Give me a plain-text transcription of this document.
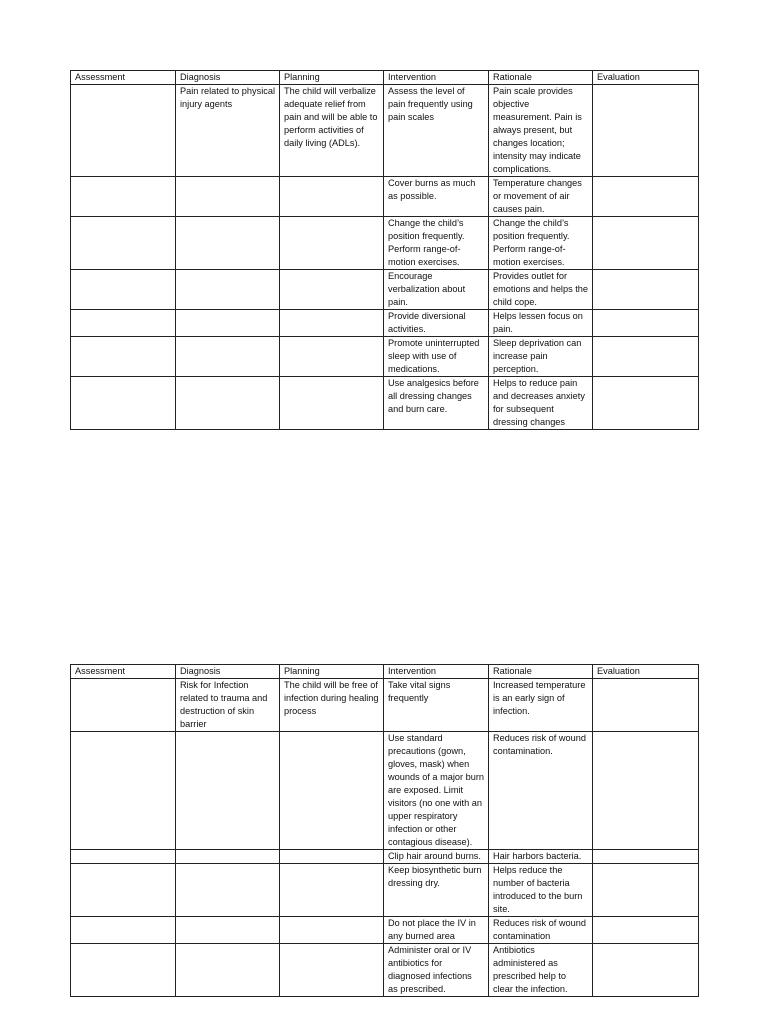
Assessment	Diagnosis	Planning	Intervention	Rationale	Evaluation
	Pain related to physical injury agents	The child will verbalize adequate relief from pain and will be able to perform activities of daily living (ADLs).	Assess the level of pain frequently using pain scales	Pain scale provides objective measurement. Pain is always present, but changes location; intensity may indicate complications.	
			Cover burns as much as possible.	Temperature changes or movement of air causes pain.	
			Change the child’s position frequently. Perform range-of-motion exercises.	Change the child’s position frequently. Perform range-of-motion exercises.	
			Encourage verbalization about pain.	Provides outlet for emotions and helps the child cope.	
			Provide diversional activities.	Helps lessen focus on pain.	
			Promote uninterrupted sleep with use of medications.	Sleep deprivation can increase pain perception.	
			Use analgesics before all dressing changes and burn care.	Helps to reduce pain and decreases anxiety for subsequent dressing changes	
Assessment	Diagnosis	Planning	Intervention	Rationale	Evaluation
	Risk for Infection related to trauma and destruction of skin barrier	The child will be free of infection during healing process	Take vital signs frequently	Increased temperature is an early sign of infection.	
			Use standard precautions (gown, gloves, mask) when wounds of a major burn are exposed. Limit visitors (no one with an upper respiratory infection or other contagious disease).	Reduces risk of wound contamination.	
			Clip hair around burns.	Hair harbors bacteria.	
			Keep biosynthetic burn dressing dry.	Helps reduce the number of bacteria introduced to the burn site.	
			Do not place the IV in any burned area	Reduces risk of wound contamination	
			Administer oral or IV antibiotics for diagnosed infections as prescribed.	Antibiotics administered as prescribed help to clear the infection.	
